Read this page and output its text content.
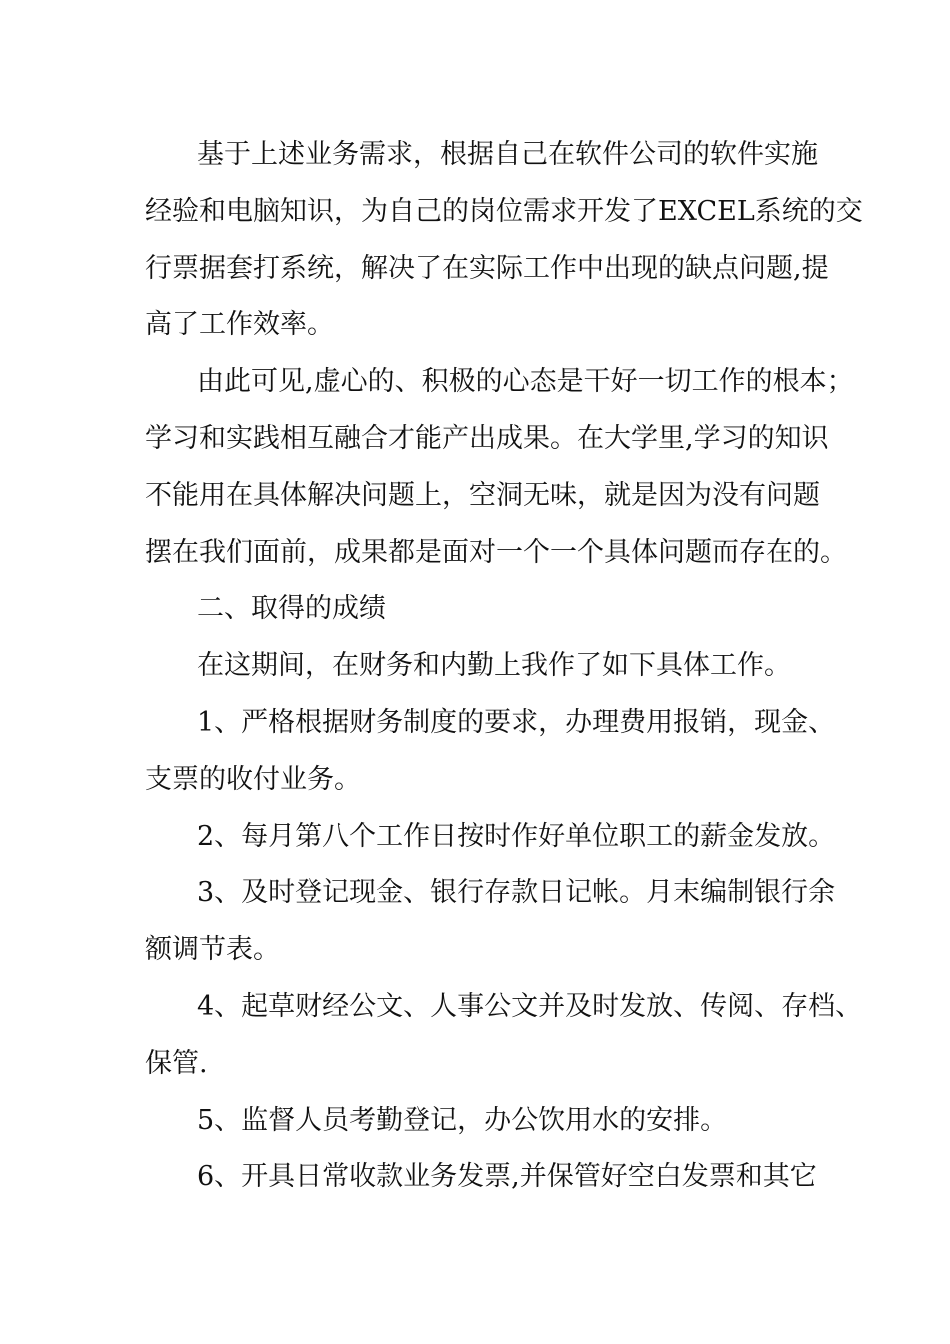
基于上述业务需求，根据自己在软件公司的软件实施
经验和电脑知识，为自己的岗位需求开发了EXCEL系统的交
行票据套打系统，解决了在实际工作中出现的缺点问题,提
高了工作效率。
由此可见,虚心的、积极的心态是干好一切工作的根本；
学习和实践相互融合才能产出成果。在大学里,学习的知识
不能用在具体解决问题上，空洞无味，就是因为没有问题
摆在我们面前，成果都是面对一个一个具体问题而存在的。
二、取得的成绩
在这期间，在财务和内勤上我作了如下具体工作。
1、严格根据财务制度的要求，办理费用报销，现金、
支票的收付业务。
2、每月第八个工作日按时作好单位职工的薪金发放。
3、及时登记现金、银行存款日记帐。月末编制银行余
额调节表。
4、起草财经公文、人事公文并及时发放、传阅、存档、
保管.
5、监督人员考勤登记，办公饮用水的安排。
6、开具日常收款业务发票,并保管好空白发票和其它
